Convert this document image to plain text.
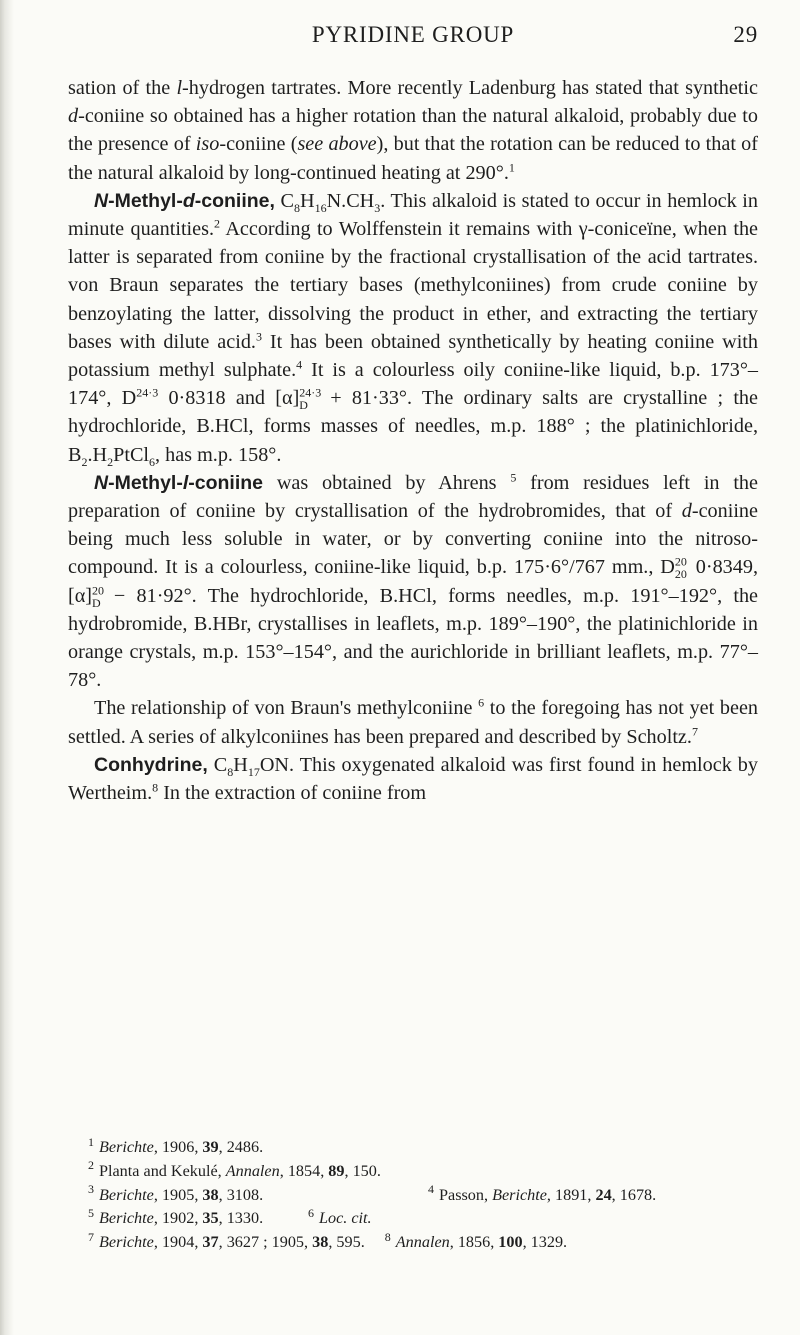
PYRIDINE GROUP	29

sation of the l-hydrogen tartrates. More recently Ladenburg has stated that synthetic d-coniine so obtained has a higher rotation than the natural alkaloid, probably due to the presence of iso-coniine (see above), but that the rotation can be reduced to that of the natural alkaloid by long-continued heating at 290°.$^1$

N-Methyl-d-coniine, $C_8H_{16}N.CH_3$. This alkaloid is stated to occur in hemlock in minute quantities.$^2$ According to Wolffenstein it remains with γ-coniceïne, when the latter is separated from coniine by the fractional crystallisation of the acid tartrates. von Braun separates the tertiary bases (methylconiines) from crude coniine by benzoylating the latter, dissolving the product in ether, and extracting the tertiary bases with dilute acid.$^3$ It has been obtained synthetically by heating coniine with potassium methyl sulphate.$^4$ It is a colourless oily coniine-like liquid, b.p. 173°–174°, $D^{24\cdot 3}$ 0·8318 and $[\alpha]^{24\cdot 3}_D + 81\cdot 33^\circ$. The ordinary salts are crystalline ; the hydrochloride, B.HCl, forms masses of needles, m.p. 188° ; the platinichloride, $B_2.H_2PtCl_6$, has m.p. 158°.

N-Methyl-l-coniine was obtained by Ahrens $^5$ from residues left in the preparation of coniine by crystallisation of the hydrobromides, that of d-coniine being much less soluble in water, or by converting coniine into the nitroso-compound. It is a colourless, coniine-like liquid, b.p. 175·6°/767 mm., $D^{20}_{20}$ 0·8349, $[\alpha]^{20}_D - 81\cdot 92^\circ$. The hydrochloride, B.HCl, forms needles, m.p. 191°–192°, the hydrobromide, B.HBr, crystallises in leaflets, m.p. 189°–190°, the platinichloride in orange crystals, m.p. 153°–154°, and the aurichloride in brilliant leaflets, m.p. 77°–78°.

The relationship of von Braun's methylconiine $^6$ to the foregoing has not yet been settled. A series of alkylconiines has been prepared and described by Scholtz.$^7$

Conhydrine, $C_8H_{17}ON$. This oxygenated alkaloid was first found in hemlock by Wertheim.$^8$ In the extraction of coniine from

$^1$ Berichte, 1906, 39, 2486.
$^2$ Planta and Kekulé, Annalen, 1854, 89, 150.
$^3$ Berichte, 1905, 38, 3108.	$^4$ Passon, Berichte, 1891, 24, 1678.
$^5$ Berichte, 1902, 35, 1330.	$^6$ Loc. cit.
$^7$ Berichte, 1904, 37, 3627 ; 1905, 38, 595. $^8$ Annalen, 1856, 100, 1329.
